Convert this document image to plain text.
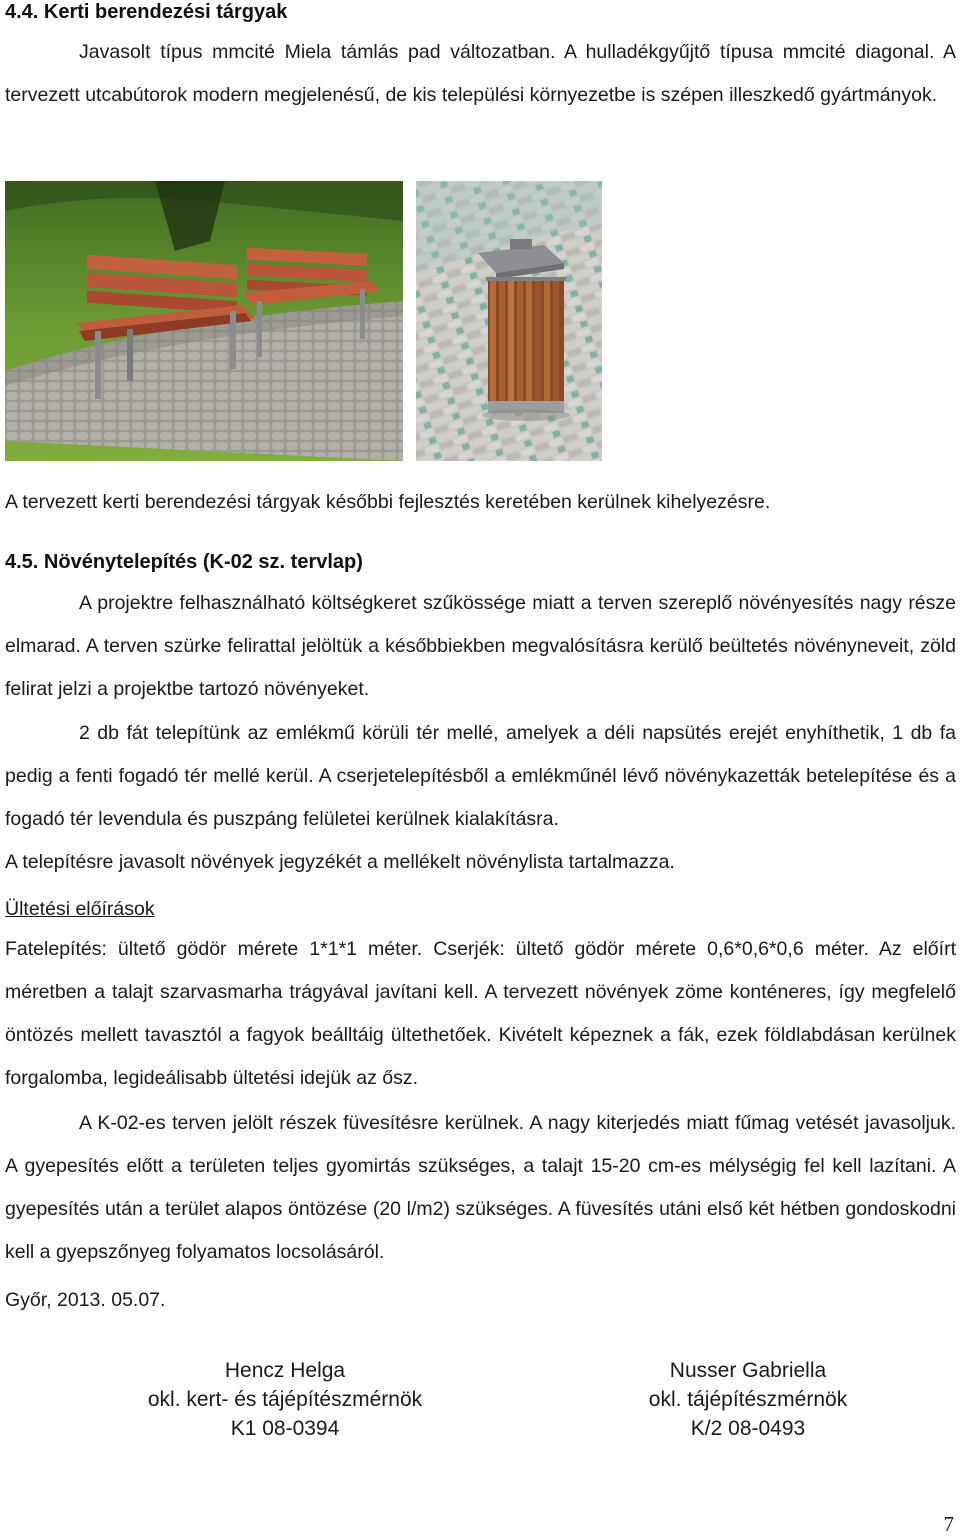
4.4. Kerti berendezési tárgyak

Javasolt típus mmcité Miela támlás pad változatban. A hulladékgyűjtő típusa mmcité diagonal. A tervezett utcabútorok modern megjelenésű, de kis települési környezetbe is szépen illeszkedő gyártmányok.

A tervezett kerti berendezési tárgyak későbbi fejlesztés keretében kerülnek kihelyezésre.

4.5. Növénytelepítés (K-02 sz. tervlap)

A projektre felhasználható költségkeret szűkössége miatt a terven szereplő növényesítés nagy része elmarad. A terven szürke felirattal jelöltük a későbbiekben megvalósításra kerülő beültetés növényneveit, zöld felirat jelzi a projektbe tartozó növényeket.

2 db fát telepítünk az emlékmű körüli tér mellé, amelyek a déli napsütés erejét enyhíthetik, 1 db fa pedig a fenti fogadó tér mellé kerül. A cserjetelepítésből a emlékműnél lévő növénykazetták betelepítése és a fogadó tér levendula és puszpáng felületei kerülnek kialakításra.

A telepítésre javasolt növények jegyzékét a mellékelt növénylista tartalmazza.

Ültetési előírások

Fatelepítés: ültető gödör mérete 1*1*1 méter. Cserjék: ültető gödör mérete 0,6*0,6*0,6 méter. Az előírt méretben a talajt szarvasmarha trágyával javítani kell. A tervezett növények zöme konténeres, így megfelelő öntözés mellett tavasztól a fagyok beálltáig ültethetőek. Kivételt képeznek a fák, ezek földlabdásan kerülnek forgalomba, legideálisabb ültetési idejük az ősz.

A K-02-es terven jelölt részek füvesítésre kerülnek. A nagy kiterjedés miatt fűmag vetését javasoljuk. A gyepesítés előtt a területen teljes gyomirtás szükséges, a talajt 15-20 cm-es mélységig fel kell lazítani. A gyepesítés után a terület alapos öntözése (20 l/m2) szükséges. A füvesítés utáni első két hétben gondoskodni kell a gyepszőnyeg folyamatos locsolásáról.

Győr, 2013. 05.07.

Hencz Helga
okl. kert- és tájépítészmérnök
K1 08-0394
Nusser Gabriella
okl. tájépítészmérnök
K/2 08-0493
7
